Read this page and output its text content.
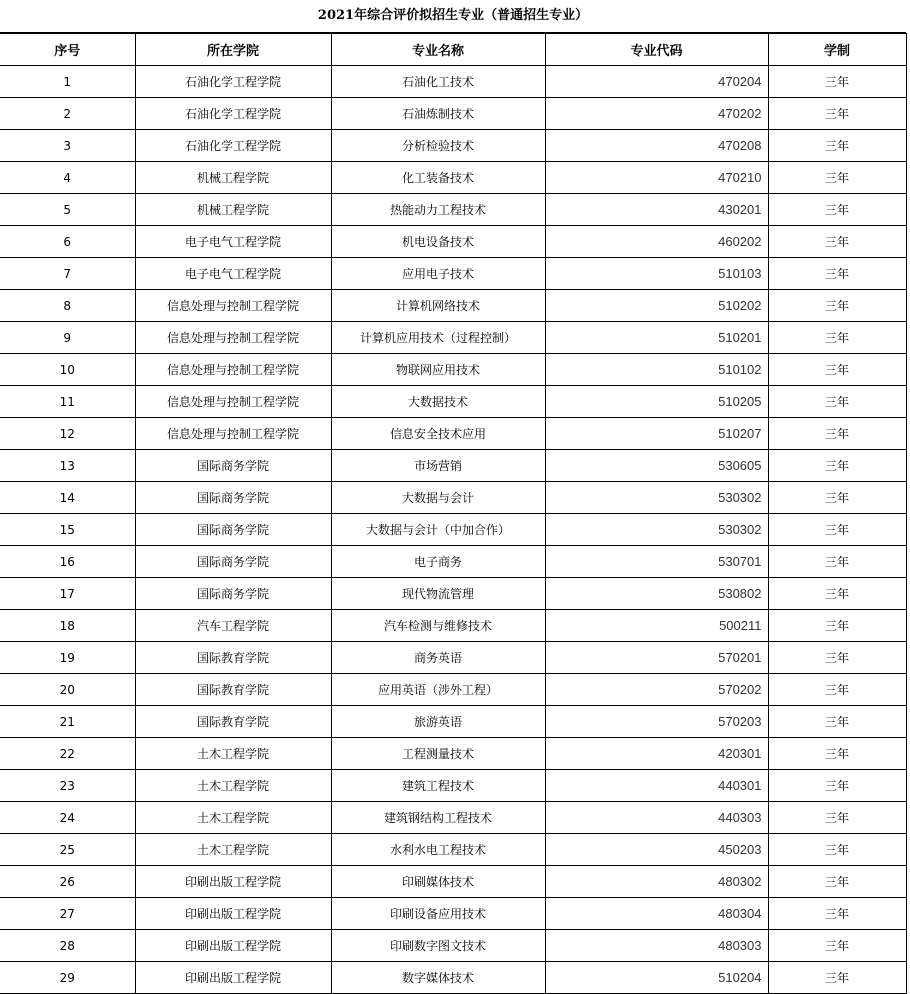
2021年综合评价拟招生专业（普通招生专业）
序号	所在学院	专业名称	专业代码	学制
1	石油化学工程学院	石油化工技术	470204	三年
2	石油化学工程学院	石油炼制技术	470202	三年
3	石油化学工程学院	分析检验技术	470208	三年
4	机械工程学院	化工装备技术	470210	三年
5	机械工程学院	热能动力工程技术	430201	三年
6	电子电气工程学院	机电设备技术	460202	三年
7	电子电气工程学院	应用电子技术	510103	三年
8	信息处理与控制工程学院	计算机网络技术	510202	三年
9	信息处理与控制工程学院	计算机应用技术（过程控制）	510201	三年
10	信息处理与控制工程学院	物联网应用技术	510102	三年
11	信息处理与控制工程学院	大数据技术	510205	三年
12	信息处理与控制工程学院	信息安全技术应用	510207	三年
13	国际商务学院	市场营销	530605	三年
14	国际商务学院	大数据与会计	530302	三年
15	国际商务学院	大数据与会计（中加合作）	530302	三年
16	国际商务学院	电子商务	530701	三年
17	国际商务学院	现代物流管理	530802	三年
18	汽车工程学院	汽车检测与维修技术	500211	三年
19	国际教育学院	商务英语	570201	三年
20	国际教育学院	应用英语（涉外工程）	570202	三年
21	国际教育学院	旅游英语	570203	三年
22	土木工程学院	工程测量技术	420301	三年
23	土木工程学院	建筑工程技术	440301	三年
24	土木工程学院	建筑钢结构工程技术	440303	三年
25	土木工程学院	水利水电工程技术	450203	三年
26	印刷出版工程学院	印刷媒体技术	480302	三年
27	印刷出版工程学院	印刷设备应用技术	480304	三年
28	印刷出版工程学院	印刷数字图文技术	480303	三年
29	印刷出版工程学院	数字媒体技术	510204	三年
